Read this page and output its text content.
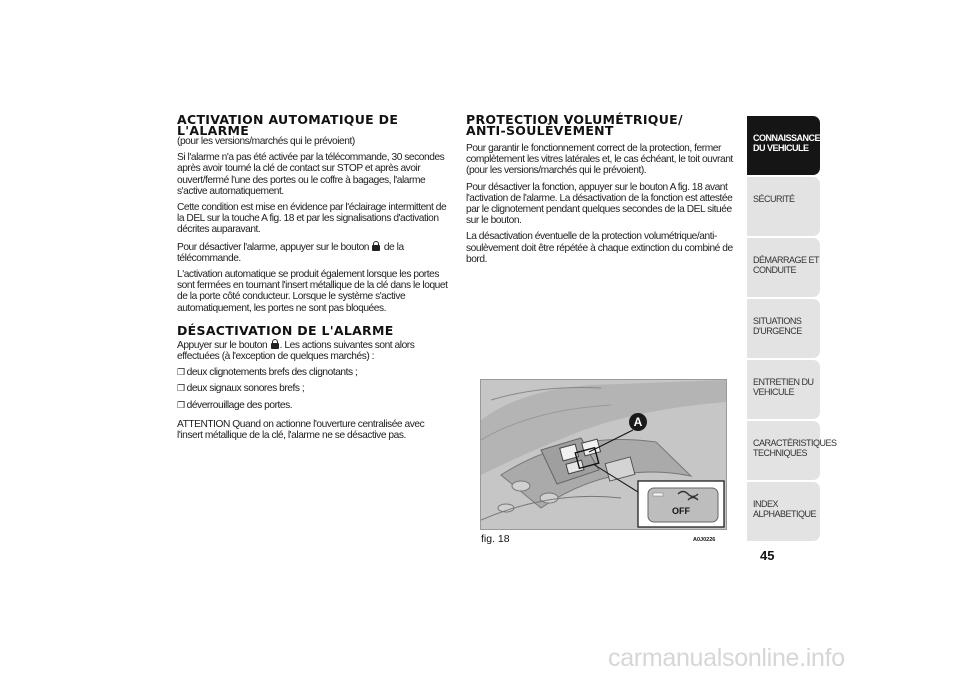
ACTIVATION AUTOMATIQUE DE L'ALARME

(pour les versions/marchés qui le prévoient)

Si l'alarme n'a pas été activée par la télécommande, 30 secondes après avoir tourné la clé de contact sur STOP et après avoir ouvert/fermé l'une des portes ou le coffre à bagages, l'alarme s'active automatiquement.

Cette condition est mise en évidence par l'éclairage intermittent de la DEL sur la touche A fig. 18 et par les signalisations d'activation décrites auparavant.

Pour désactiver l'alarme, appuyer sur le bouton de la télécommande.

L'activation automatique se produit également lorsque les portes sont fermées en tournant l'insert métallique de la clé dans le loquet de la porte côté conducteur. Lorsque le système s'active automatiquement, les portes ne sont pas bloquées.

DÉSACTIVATION DE L'ALARME

Appuyer sur le bouton . Les actions suivantes sont alors effectuées (à l'exception de quelques marchés) :

❒ deux clignotements brefs des clignotants ;
❒ deux signaux sonores brefs ;
❒ déverrouillage des portes.

ATTENTION Quand on actionne l'ouverture centralisée avec l'insert métallique de la clé, l'alarme ne se désactive pas.

PROTECTION VOLUMÉTRIQUE/
ANTI-SOULÈVEMENT

Pour garantir le fonctionnement correct de la protection, fermer complètement les vitres latérales et, le cas échéant, le toit ouvrant (pour les versions/marchés qui le prévoient).

Pour désactiver la fonction, appuyer sur le bouton A fig. 18 avant l'activation de l'alarme. La désactivation de la fonction est attestée par le clignotement pendant quelques secondes de la DEL située sur le bouton.

La désactivation éventuelle de la protection volumétrique/anti-soulèvement doit être répétée à chaque extinction du combiné de bord.

A
OFF
fig. 18	A0J0226
CONNAISSANCE
DU VEHICULE
SÉCURITÉ

DÉMARRAGE ET
CONDUITE
SITUATIONS
D'URGENCE
ENTRETIEN DU
VEHICULE
CARACTÉRISTIQUES
TECHNIQUES
INDEX
ALPHABETIQUE
45
carmanualsonline.info
